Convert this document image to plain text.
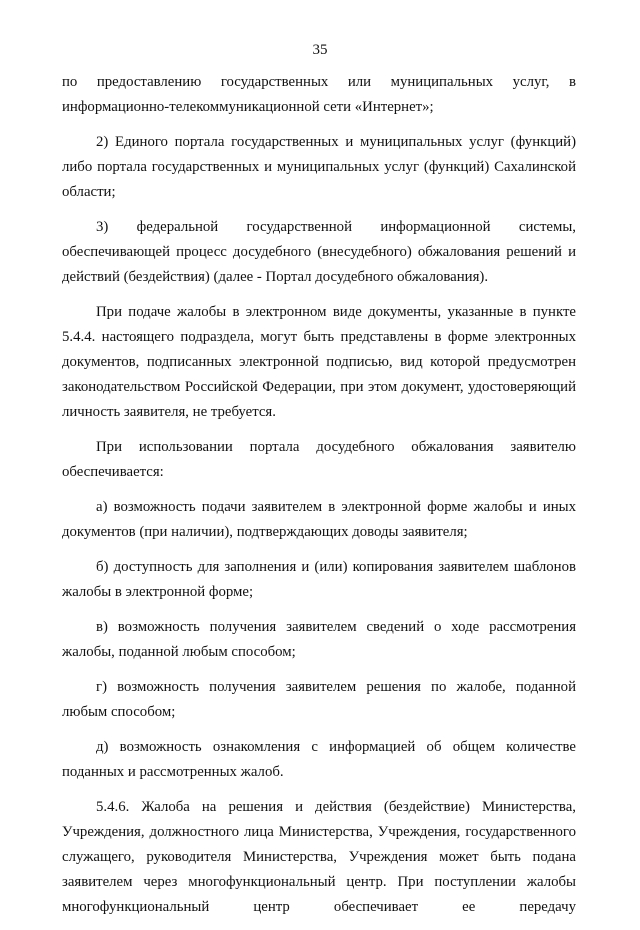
35

по предоставлению государственных или муниципальных услуг, в информационно-телекоммуникационной сети «Интернет»;

2) Единого портала государственных и муниципальных услуг (функций) либо портала государственных и муниципальных услуг (функций) Сахалинской области;

3) федеральной государственной информационной системы, обеспечивающей процесс досудебного (внесудебного) обжалования решений и действий (бездействия) (далее - Портал досудебного обжалования).

При подаче жалобы в электронном виде документы, указанные в пункте 5.4.4. настоящего подраздела, могут быть представлены в форме электронных документов, подписанных электронной подписью, вид которой предусмотрен законодательством Российской Федерации, при этом документ, удостоверяющий личность заявителя, не требуется.

При использовании портала досудебного обжалования заявителю обеспечивается:

а) возможность подачи заявителем в электронной форме жалобы и иных документов (при наличии), подтверждающих доводы заявителя;

б) доступность для заполнения и (или) копирования заявителем шаблонов жалобы в электронной форме;

в) возможность получения заявителем сведений о ходе рассмотрения жалобы, поданной любым способом;

г) возможность получения заявителем решения по жалобе, поданной любым способом;

д) возможность ознакомления с информацией об общем количестве поданных и рассмотренных жалоб.

5.4.6. Жалоба на решения и действия (бездействие) Министерства, Учреждения, должностного лица Министерства, Учреждения, государственного служащего, руководителя Министерства, Учреждения может быть подана заявителем через многофункциональный центр. При поступлении жалобы многофункциональный центр обеспечивает ее передачу
